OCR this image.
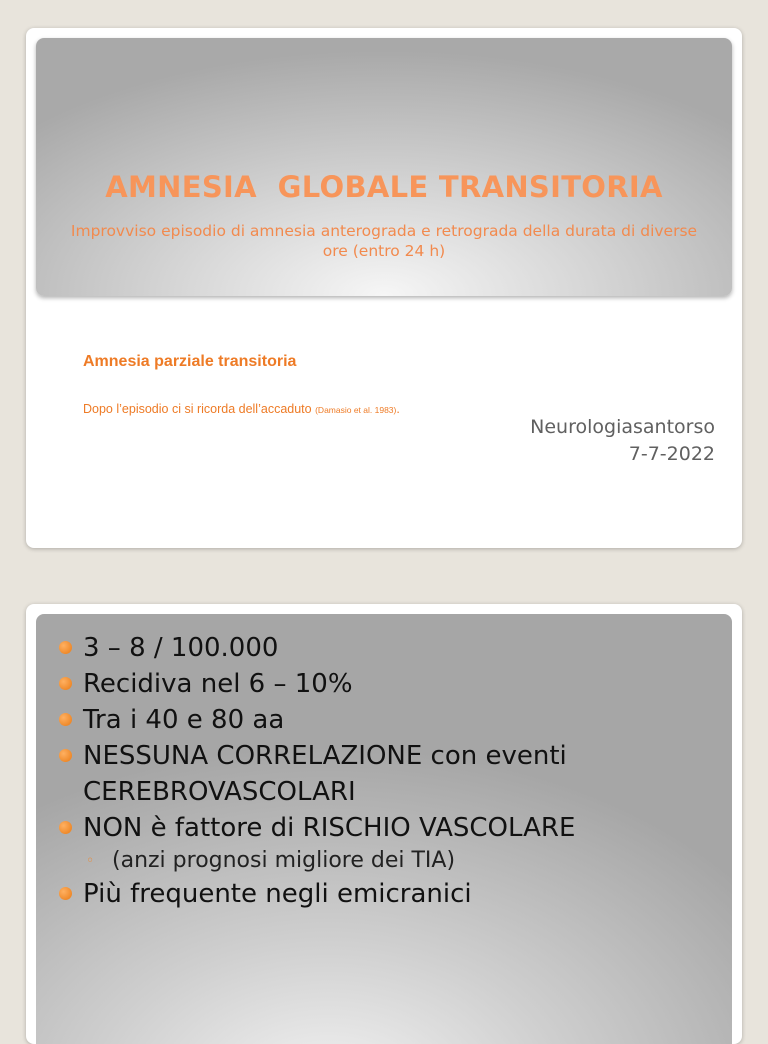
AMNESIA  GLOBALE TRANSITORIA
Improvviso episodio di amnesia anterograda e retrograda della durata di diverse ore (entro 24 h)
Amnesia parziale transitoria
Dopo l’episodio ci si ricorda dell’accaduto (Damasio et al. 1983).
Neurologiasantorso
7-7-2022
3 – 8 / 100.000
Recidiva nel 6 – 10%
Tra i 40 e 80 aa
NESSUNA CORRELAZIONE con eventi CEREBROVASCOLARI
NON è fattore di RISCHIO VASCOLARE
◦ (anzi prognosi migliore dei TIA)
Più frequente negli emicranici
